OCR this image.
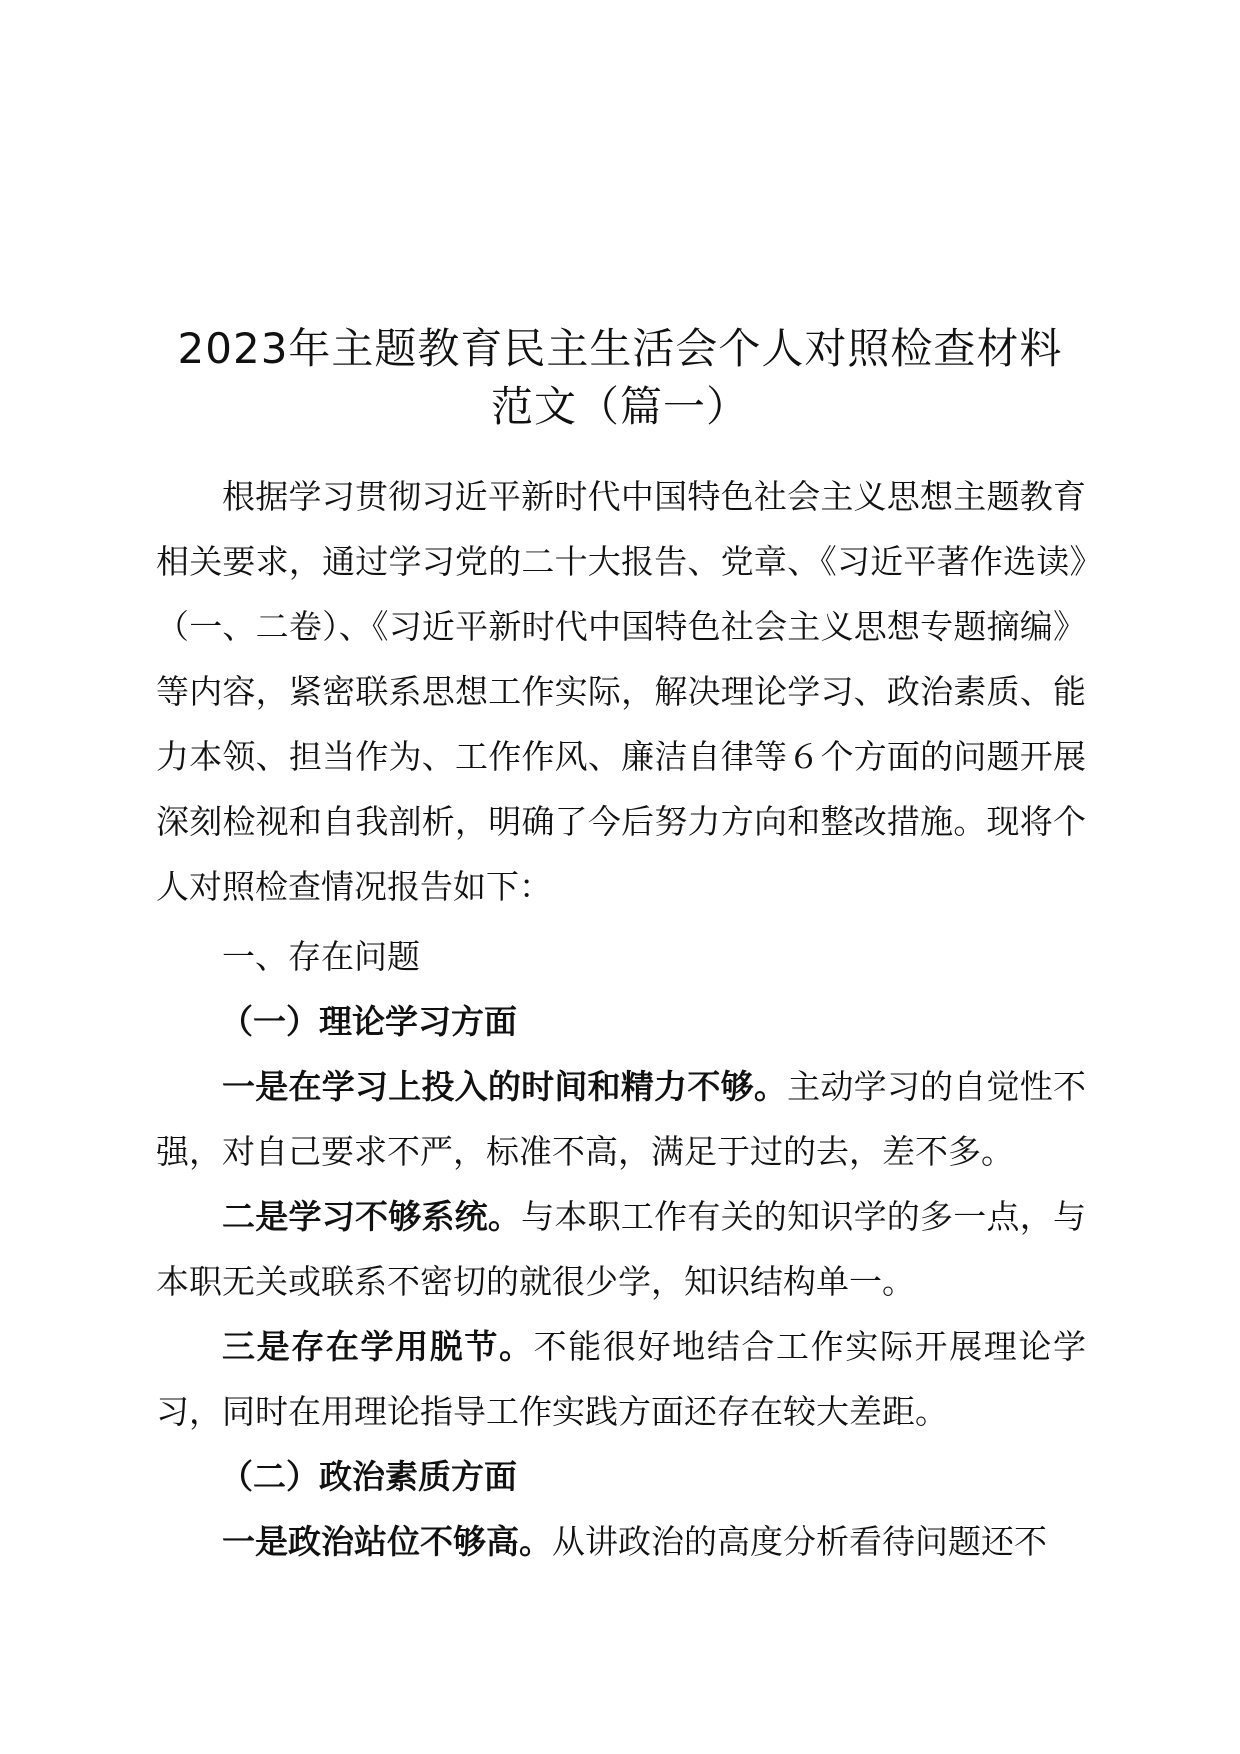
2023年主题教育民主生活会个人对照检查材料范文（篇一）
根据学习贯彻习近平新时代中国特色社会主义思想主题教育相关要求，通过学习党的二十大报告、党章、《习近平著作选读》（一、二卷）、《习近平新时代中国特色社会主义思想专题摘编》等内容，紧密联系思想工作实际，解决理论学习、政治素质、能力本领、担当作为、工作作风、廉洁自律等６个方面的问题开展深刻检视和自我剖析，明确了今后努力方向和整改措施。现将个人对照检查情况报告如下：
一、存在问题
（一）理论学习方面
一是在学习上投入的时间和精力不够。主动学习的自觉性不强，对自己要求不严，标准不高，满足于过的去，差不多。
二是学习不够系统。与本职工作有关的知识学的多一点，与本职无关或联系不密切的就很少学，知识结构单一。
三是存在学用脱节。不能很好地结合工作实际开展理论学习，同时在用理论指导工作实践方面还存在较大差距。
（二）政治素质方面
一是政治站位不够高。从讲政治的高度分析看待问题还不
